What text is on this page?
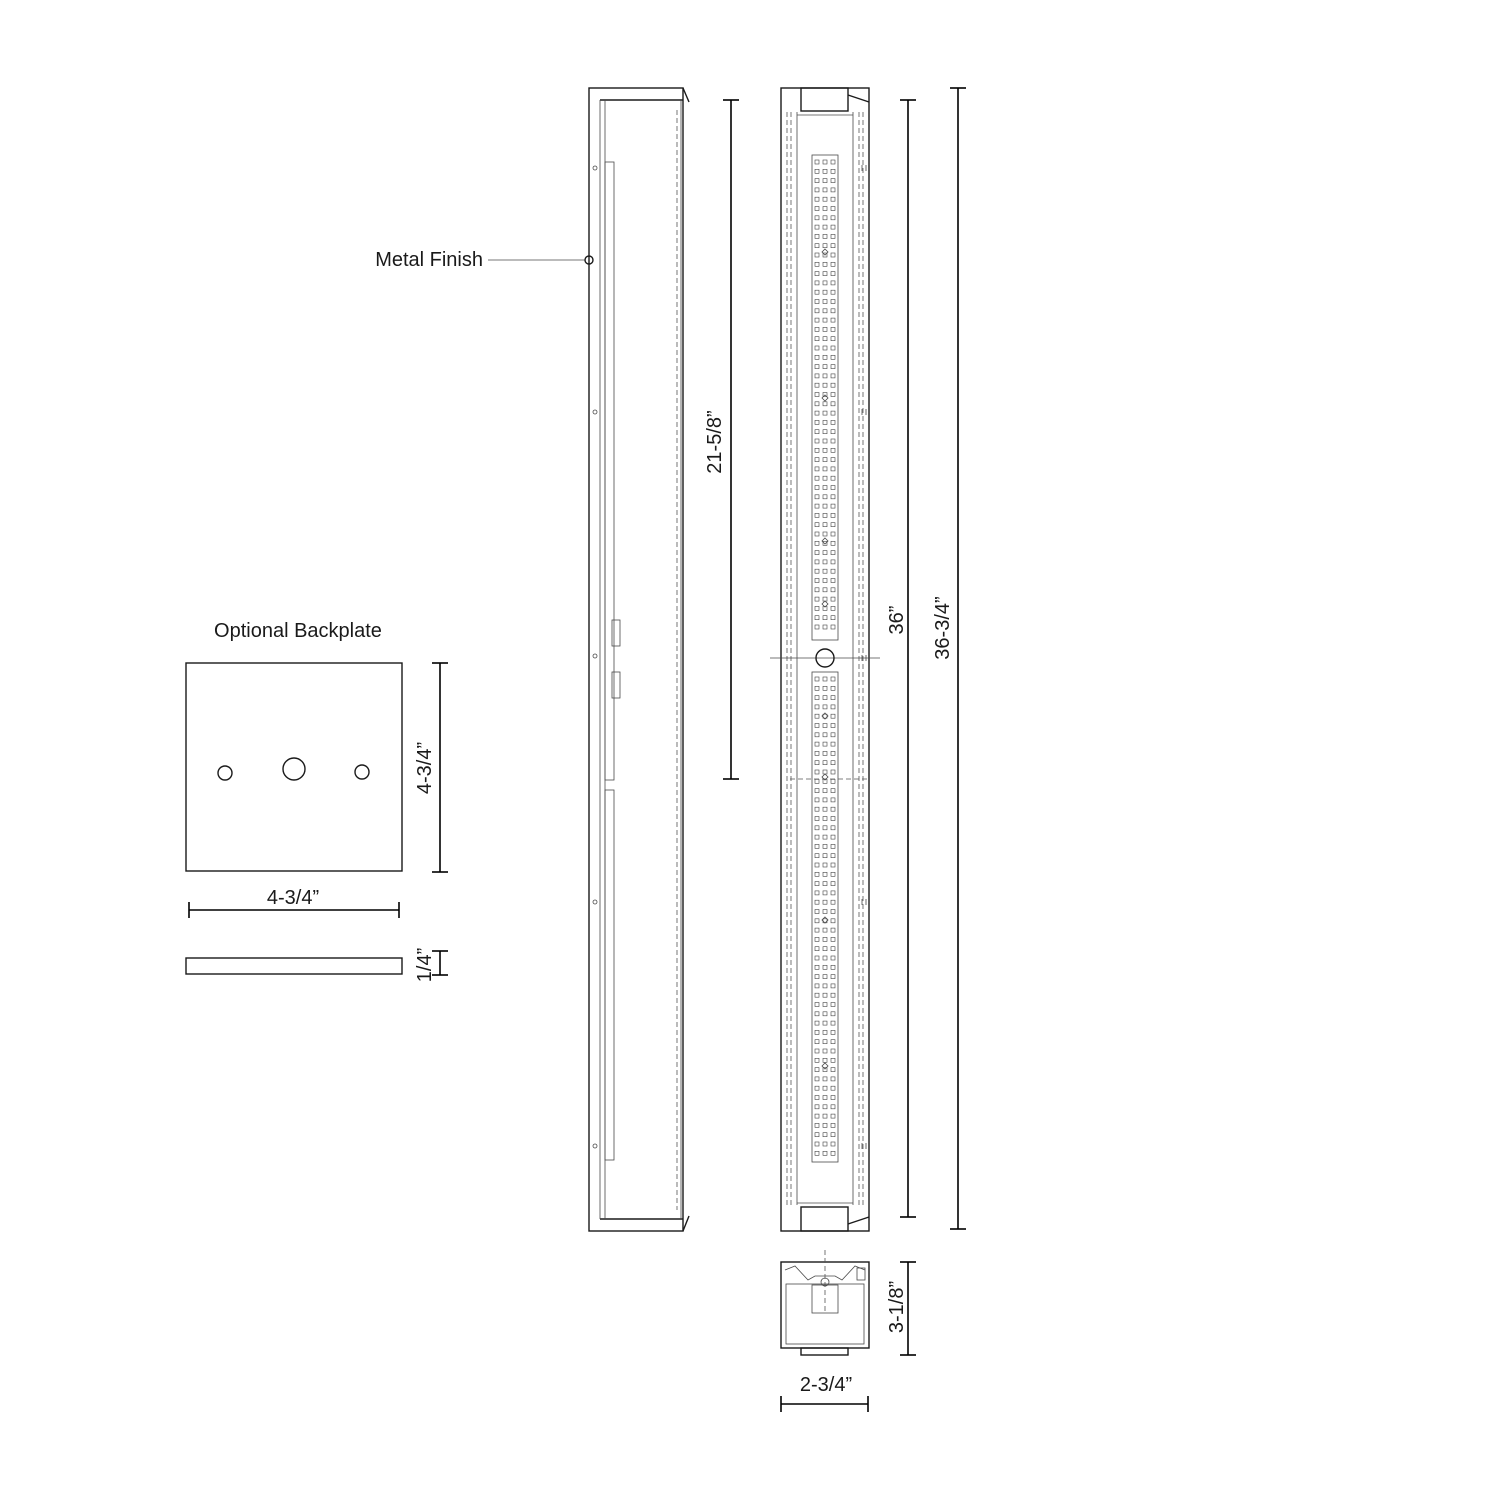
Metal Finish
21-5/8”
36” 36-3/4”
3-1/8”
2-3/4”
Optional Backplate
4-3/4”
4-3/4”
1/4”
